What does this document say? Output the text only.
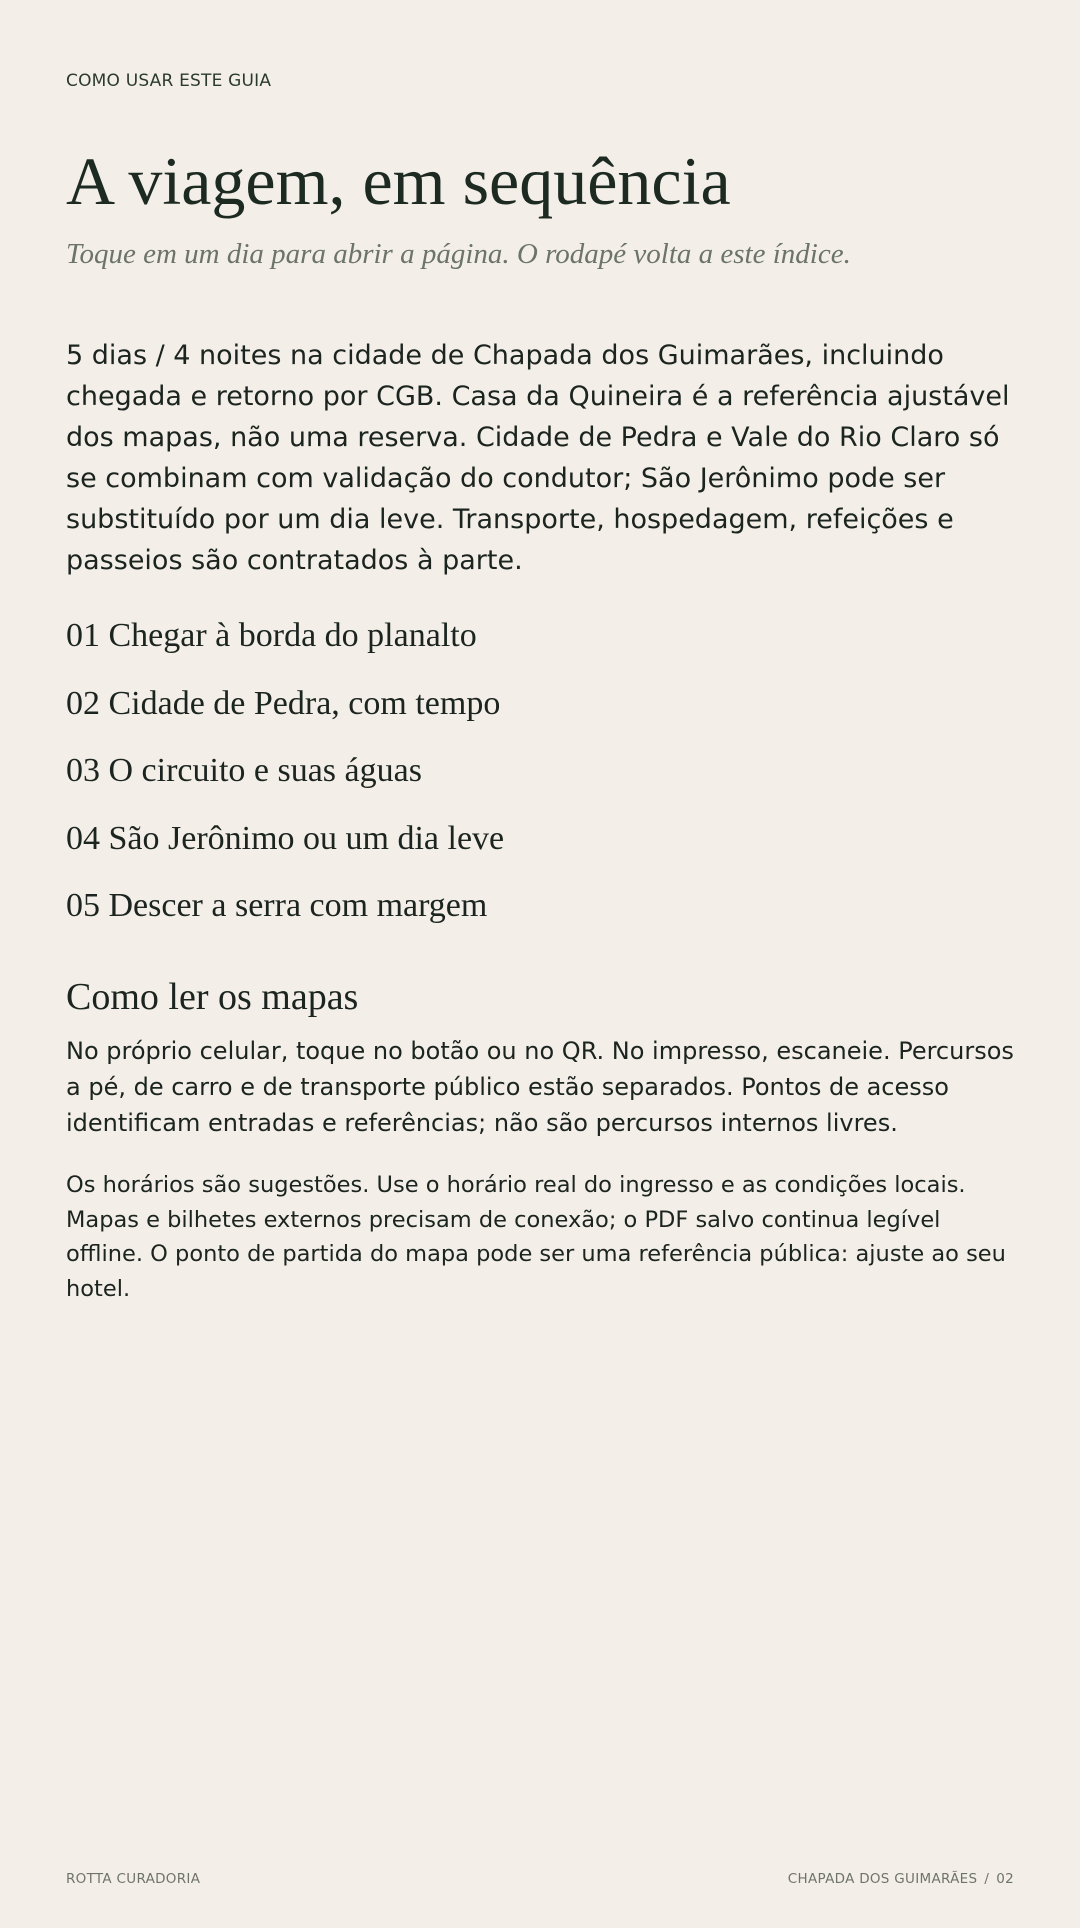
COMO USAR ESTE GUIA
A viagem, em sequência

Toque em um dia para abrir a página. O rodapé volta a este índice.

5 dias / 4 noites na cidade de Chapada dos Guimarães, incluindo chegada e retorno por CGB. Casa da Quineira é a referência ajustável dos mapas, não uma reserva. Cidade de Pedra e Vale do Rio Claro só se combinam com validação do condutor; São Jerônimo pode ser substituído por um dia leve. Transporte, hospedagem, refeições e passeios são contratados à parte.

01 Chegar à borda do planalto
02 Cidade de Pedra, com tempo
03 O circuito e suas águas
04 São Jerônimo ou um dia leve
05 Descer a serra com margem
Como ler os mapas

No próprio celular, toque no botão ou no QR. No impresso, escaneie. Percursos a pé, de carro e de transporte público estão separados. Pontos de acesso identificam entradas e referências; não são percursos internos livres.

Os horários são sugestões. Use o horário real do ingresso e as condições locais. Mapas e bilhetes externos precisam de conexão; o PDF salvo continua legível offline. O ponto de partida do mapa pode ser uma referência pública: ajuste ao seu hotel.

ROTTA CURADORIA	CHAPADA DOS GUIMARÃES / 02
